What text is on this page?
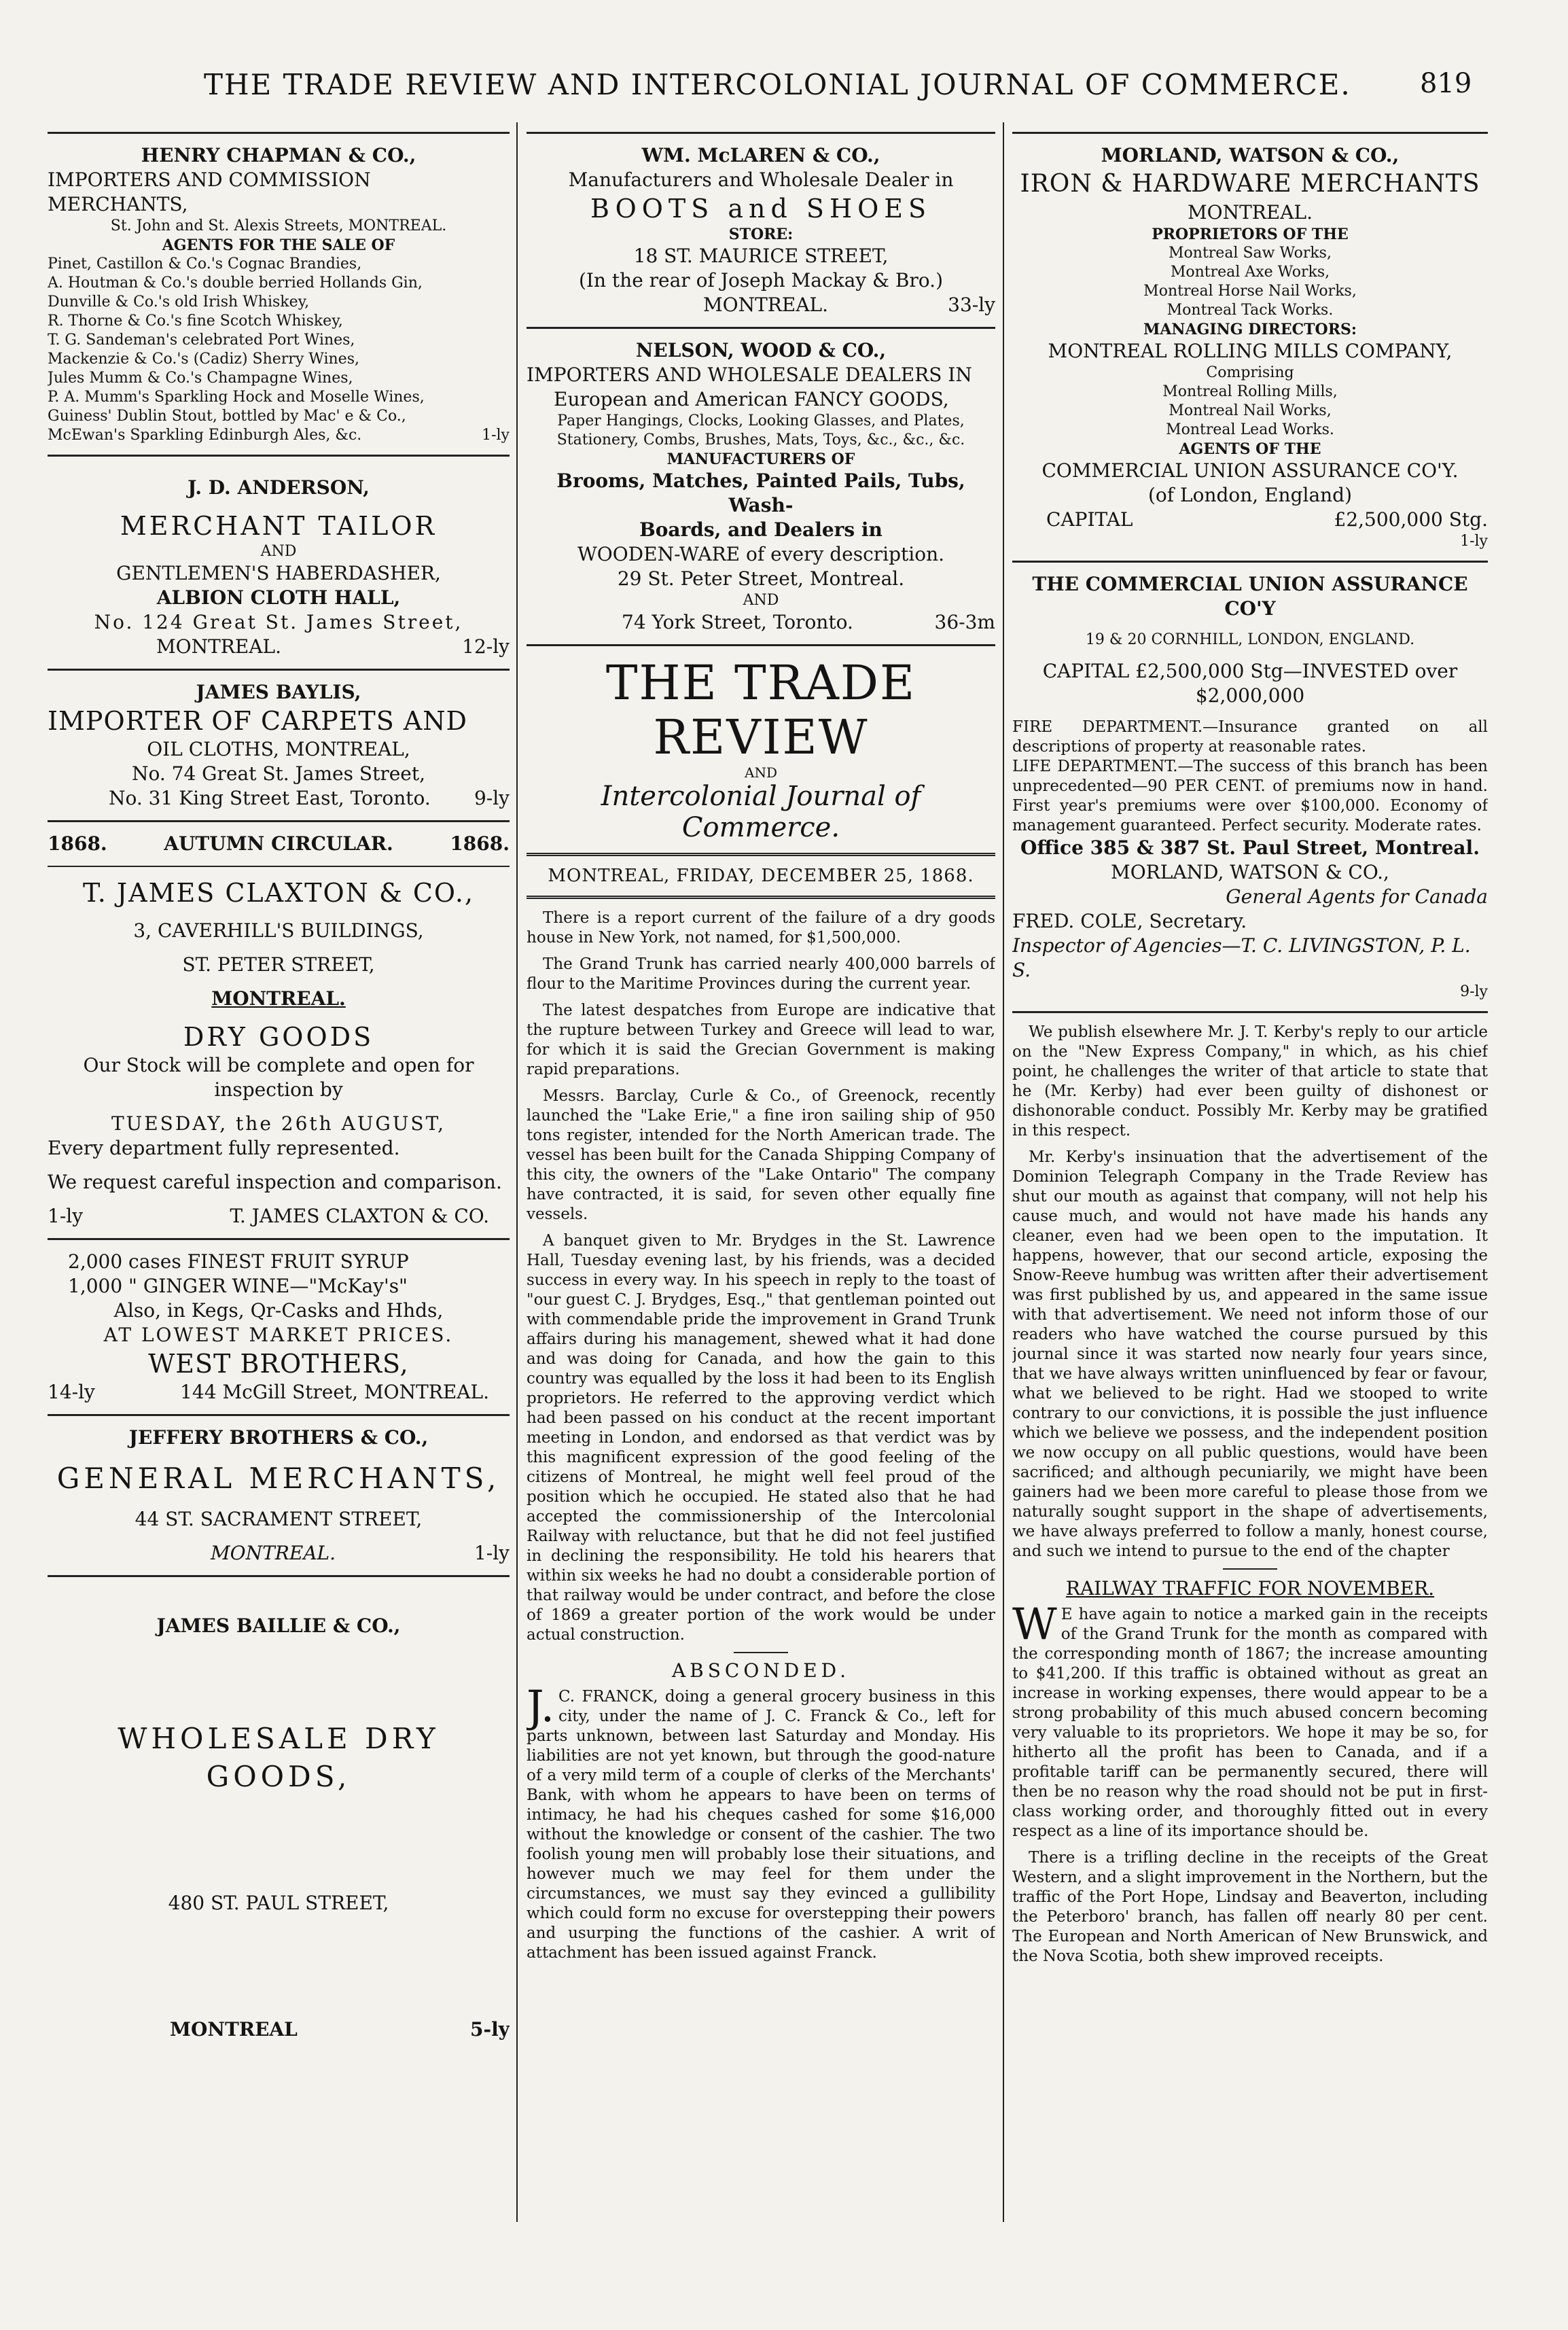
THE TRADE REVIEW AND INTERCOLONIAL JOURNAL OF COMMERCE.	819

HENRY CHAPMAN & CO.,

IMPORTERS AND COMMISSION MERCHANTS,

St. John and St. Alexis Streets, MONTREAL.

AGENTS FOR THE SALE OF

Pinet, Castillon & Co.'s Cognac Brandies,
A. Houtman & Co.'s double berried Hollands Gin,
Dunville & Co.'s old Irish Whiskey,
R. Thorne & Co.'s fine Scotch Whiskey,
T. G. Sandeman's celebrated Port Wines,
Mackenzie & Co.'s (Cadiz) Sherry Wines,
Jules Mumm & Co.'s Champagne Wines,
P. A. Mumm's Sparkling Hock and Moselle Wines,
Guiness' Dublin Stout, bottled by Mac' e & Co.,
McEwan's Sparkling Edinburgh Ales, &c.	1-ly

J. D. ANDERSON,

MERCHANT TAILOR

AND

GENTLEMEN'S HABERDASHER,

ALBION CLOTH HALL,

No. 124 Great St. James Street,

MONTREAL.	12-ly

JAMES BAYLIS,

IMPORTER OF CARPETS AND

OIL CLOTHS, MONTREAL,

No. 74 Great St. James Street,

No. 31 King Street East, Toronto. 9-ly
1868.	AUTUMN CIRCULAR.	1868.

T. JAMES CLAXTON & CO.,

3, CAVERHILL'S BUILDINGS,

ST. PETER STREET,

MONTREAL.

DRY GOODS

Our Stock will be complete and open for inspection by

TUESDAY, the 26th AUGUST,

Every department fully represented.

We request careful inspection and comparison.

1-ly	T. JAMES CLAXTON & CO.

2,000 cases FINEST FRUIT SYRUP

1,000 " GINGER WINE—"McKay's"

Also, in Kegs, Qr-Casks and Hhds,

AT LOWEST MARKET PRICES.

WEST BROTHERS,

14-ly	144 McGill Street, MONTREAL.

JEFFERY BROTHERS & CO.,

GENERAL MERCHANTS,

44 ST. SACRAMENT STREET,

MONTREAL.	1-ly

JAMES BAILLIE & CO.,

WHOLESALE DRY GOODS,

480 ST. PAUL STREET,

MONTREAL	5-ly

WM. McLAREN & CO.,

Manufacturers and Wholesale Dealer in

BOOTS and SHOES

STORE:

18 ST. MAURICE STREET,

(In the rear of Joseph Mackay & Bro.)

MONTREAL.	33-ly

NELSON, WOOD & CO.,

IMPORTERS AND WHOLESALE DEALERS IN

European and American FANCY GOODS,

Paper Hangings, Clocks, Looking Glasses, and Plates,

Stationery, Combs, Brushes, Mats, Toys, &c., &c., &c.

MANUFACTURERS OF

Brooms, Matches, Painted Pails, Tubs, Wash-

Boards, and Dealers in

WOODEN-WARE of every description.

29 St. Peter Street, Montreal.

AND

74 York Street, Toronto.	36-3m
THE TRADE REVIEW
AND
Intercolonial Journal of Commerce.
MONTREAL, FRIDAY, DECEMBER 25, 1868.

There is a report current of the failure of a dry goods house in New York, not named, for $1,500,000.

The Grand Trunk has carried nearly 400,000 barrels of flour to the Maritime Provinces during the current year.

The latest despatches from Europe are indicative that the rupture between Turkey and Greece will lead to war, for which it is said the Grecian Government is making rapid preparations.

Messrs. Barclay, Curle & Co., of Greenock, recently launched the "Lake Erie," a fine iron sailing ship of 950 tons register, intended for the North American trade. The vessel has been built for the Canada Shipping Company of this city, the owners of the "Lake Ontario" The company have contracted, it is said, for seven other equally fine vessels.

A banquet given to Mr. Brydges in the St. Lawrence Hall, Tuesday evening last, by his friends, was a decided success in every way. In his speech in reply to the toast of "our guest C. J. Brydges, Esq.," that gentleman pointed out with commendable pride the improvement in Grand Trunk affairs during his management, shewed what it had done and was doing for Canada, and how the gain to this country was equalled by the loss it had been to its English proprietors. He referred to the approving verdict which had been passed on his conduct at the recent important meeting in London, and endorsed as that verdict was by this magnificent expression of the good feeling of the citizens of Montreal, he might well feel proud of the position which he occupied. He stated also that he had accepted the commissionership of the Intercolonial Railway with reluctance, but that he did not feel justified in declining the responsibility. He told his hearers that within six weeks he had no doubt a considerable portion of that railway would be under contract, and before the close of 1869 a greater portion of the work would be under actual construction.

ABSCONDED.

J. C. FRANCK, doing a general grocery business in this city, under the name of J. C. Franck & Co., left for parts unknown, between last Saturday and Monday. His liabilities are not yet known, but through the good-nature of a very mild term of a couple of clerks of the Merchants' Bank, with whom he appears to have been on terms of intimacy, he had his cheques cashed for some $16,000 without the knowledge or consent of the cashier. The two foolish young men will probably lose their situations, and however much we may feel for them under the circumstances, we must say they evinced a gullibility which could form no excuse for overstepping their powers and usurping the functions of the cashier. A writ of attachment has been issued against Franck.

MORLAND, WATSON & CO.,

IRON & HARDWARE MERCHANTS

MONTREAL.

PROPRIETORS OF THE

Montreal Saw Works,

Montreal Axe Works,

Montreal Horse Nail Works,

Montreal Tack Works.

MANAGING DIRECTORS:

MONTREAL ROLLING MILLS COMPANY,

Comprising

Montreal Rolling Mills,

Montreal Nail Works,

Montreal Lead Works.

AGENTS OF THE

COMMERCIAL UNION ASSURANCE CO'Y.

(of London, England)

CAPITAL	£2,500,000 Stg.

1-ly

THE COMMERCIAL UNION ASSURANCE CO'Y

19 & 20 CORNHILL, LONDON, ENGLAND.

CAPITAL £2,500,000 Stg—INVESTED over $2,000,000

FIRE DEPARTMENT.—Insurance granted on all descriptions of property at reasonable rates.

LIFE DEPARTMENT.—The success of this branch has been unprecedented—90 PER CENT. of premiums now in hand. First year's premiums were over $100,000. Economy of management guaranteed. Perfect security. Moderate rates.

Office 385 & 387 St. Paul Street, Montreal.

MORLAND, WATSON & CO.,

General Agents for Canada

FRED. COLE, Secretary.

Inspector of Agencies—T. C. LIVINGSTON, P. L. S.

9-ly

We publish elsewhere Mr. J. T. Kerby's reply to our article on the "New Express Company," in which, as his chief point, he challenges the writer of that article to state that he (Mr. Kerby) had ever been guilty of dishonest or dishonorable conduct. Possibly Mr. Kerby may be gratified in this respect.

Mr. Kerby's insinuation that the advertisement of the Dominion Telegraph Company in the Trade Review has shut our mouth as against that company, will not help his cause much, and would not have made his hands any cleaner, even had we been open to the imputation. It happens, however, that our second article, exposing the Snow-Reeve humbug was written after their advertisement was first published by us, and appeared in the same issue with that advertisement. We need not inform those of our readers who have watched the course pursued by this journal since it was started now nearly four years since, that we have always written uninfluenced by fear or favour, what we believed to be right. Had we stooped to write contrary to our convictions, it is possible the just influence which we believe we possess, and the independent position we now occupy on all public questions, would have been sacrificed; and although pecuniarily, we might have been gainers had we been more careful to please those from we naturally sought support in the shape of advertisements, we have always preferred to follow a manly, honest course, and such we intend to pursue to the end of the chapter

RAILWAY TRAFFIC FOR NOVEMBER.

W E have again to notice a marked gain in the receipts of the Grand Trunk for the month as compared with the corresponding month of 1867; the increase amounting to $41,200. If this traffic is obtained without as great an increase in working expenses, there would appear to be a strong probability of this much abused concern becoming very valuable to its proprietors. We hope it may be so, for hitherto all the profit has been to Canada, and if a profitable tariff can be permanently secured, there will then be no reason why the road should not be put in first-class working order, and thoroughly fitted out in every respect as a line of its importance should be.

There is a trifling decline in the receipts of the Great Western, and a slight improvement in the Northern, but the traffic of the Port Hope, Lindsay and Beaverton, including the Peterboro' branch, has fallen off nearly 80 per cent. The European and North American of New Brunswick, and the Nova Scotia, both shew improved receipts.
